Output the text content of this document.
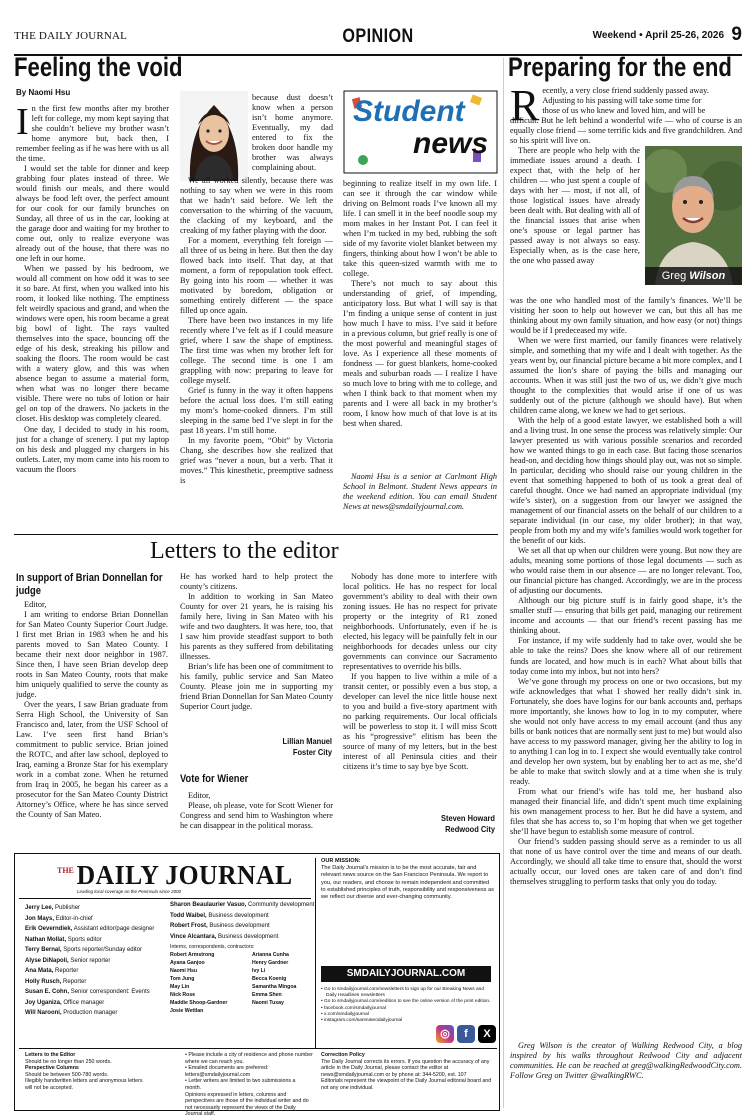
THE DAILY JOURNAL	OPINION	Weekend • April 25-26, 2026 9
Feeling the void
By Naomi Hsu
I n the first few months after my brother left for college, my mom kept saying that she couldn’t believe my brother wasn’t home anymore but, back then, I remember feeling as if he was here with us all the time.

I would set the table for dinner and keep grabbing four plates instead of three. We would finish our meals, and there would always be food left over, the perfect amount for our cook for our family brunches on Sunday, all three of us in the car, looking at the garage door and waiting for my brother to come out, only to realize everyone was already out of the house, that there was no one left in our home.

When we passed by his bedroom, we would all comment on how odd it was to see it so bare. At first, when you walked into his room, it looked like nothing. The emptiness felt weirdly spacious and grand, and when the windows were open, his room became a great big bowl of light. The rays vaulted themselves into the space, bouncing off the edge of his desk, streaking his pillow and soaking the floors. The room would be cast with a watery glow, and this was when absence began to assume a material form, when what was no longer there became visible. There were no tubs of lotion or hair gel on top of the drawers. No jackets in the closet. His desktop was completely cleared.

One day, I decided to study in his room, just for a change of scenery. I put my laptop on his desk and plugged my chargers in his outlets. Later, my mom came into his room to vacuum the floors

because dust doesn’t know when a person isn’t home anymore. Eventually, my dad entered to fix the broken door handle my brother was always complaining about.

We all worked silently, because there was nothing to say when we were in this room that we hadn’t said before. We left the conversation to the whirring of the vacuum, the clacking of my keyboard, and the creaking of my father playing with the door.

For a moment, everything felt foreign — all three of us being in here. But then the day flowed back into itself. That day, at that moment, a form of repopulation took effect. By going into his room — whether it was motivated by boredom, obligation or something entirely different — the space filled up once again.

There have been two instances in my life recently where I’ve felt as if I could measure grief, where I saw the shape of emptiness. The first time was when my brother left for college. The second time is one I am grappling with now: preparing to leave for college myself.

Grief is funny in the way it often happens before the actual loss does. I’m still eating my mom’s home-cooked dinners. I’m still sleeping in the same bed I’ve slept in for the past 18 years. I’m still home.

In my favorite poem, “Obit” by Victoria Chang, she describes how she realized that grief was “never a noun, but a verb. That it moves.” This kinesthetic, preemptive sadness is

Student
news

beginning to realize itself in my own life. I can see it through the car window while driving on Belmont roads I’ve known all my life. I can smell it in the beef noodle soup my mom makes in her Instant Pot. I can feel it when I’m tucked in my bed, rubbing the soft side of my favorite violet blanket between my fingers, thinking about how I won’t be able to take this queen-sized warmth with me to college.

There’s not much to say about this understanding of grief, of impending, anticipatory loss. But what I will say is that I’m finding a unique sense of content in just how much I have to miss. I’ve said it before in a previous column, but grief really is one of the most powerful and meaningful stages of love. As I experience all these moments of fondness — for guest blankets, home-cooked meals and suburban roads — I realize I have so much love to bring with me to college, and when I think back to that moment when my parents and I were all back in my brother’s room, I know how much of that love is at its best when shared.

Naomi Hsu is a senior at Carlmont High School in Belmont. Student News appears in the weekend edition. You can email Student News at news@smdailyjournal.com.

Letters to the editor
In support of Brian Donnellan for judge

Editor,

I am writing to endorse Brian Donnellan for San Mateo County Superior Court Judge. I first met Brian in 1983 when he and his parents moved to San Mateo County. I became their next door neighbor in 1987. Since then, I have seen Brian develop deep roots in San Mateo County, roots that make him uniquely qualified to serve the county as judge.

Over the years, I saw Brian graduate from Serra High School, the University of San Francisco and, later, from the USF School of Law. I’ve seen first hand Brian’s commitment to public service. Brian joined the ROTC, and after law school, deployed to Iraq, earning a Bronze Star for his exemplary work in a combat zone. When he returned from Iraq in 2005, he began his career as a prosecutor for the San Mateo County District Attorney’s Office, where he has since served the County of San Mateo.

He has worked hard to help protect the county’s citizens.

In addition to working in San Mateo County for over 21 years, he is raising his family here, living in San Mateo with his wife and two daughters. It was here, too, that I saw him provide steadfast support to both his parents as they suffered from debilitating illnesses.

Brian’s life has been one of commitment to his family, public service and San Mateo County. Please join me in supporting my friend Brian Donnellan for San Mateo County Superior Court judge.

Lillian Manuel
Foster City
Vote for Wiener

Editor,

Please, oh please, vote for Scott Wiener for Congress and send him to Washington where he can disappear in the political morass.

Nobody has done more to interfere with local politics. He has no respect for local government’s ability to deal with their own zoning issues. He has no respect for private property or the integrity of R1 zoned neighborhoods. Unfortunately, even if he is elected, his legacy will be painfully felt in our neighborhoods for decades unless our city governments can convince our Sacramento representatives to override his bills.

If you happen to live within a mile of a transit center, or possibly even a bus stop, a developer can level the nice little house next to you and build a five-story apartment with no parking requirements. Our local officials will be powerless to stop it. I will miss Scott as his “progressive” elitism has been the source of many of my letters, but in the best interest of all Peninsula cities and their citizens it’s time to say bye bye Scott.

Steven Howard
Redwood City
THE DAILY JOURNAL
Leading local coverage on the Peninsula since 2000
Jerry Lee, Publisher
Jon Mays, Editor-in-chief
Erik Oeverndiek, Assistant editor/page designer
Nathan Mollat, Sports editor
Terry Bernal, Sports reporter/Sunday editor
Alyse DiNapoli, Senior reporter
Ana Mata, Reporter
Holly Rusch, Reporter
Susan E. Cohn, Senior correspondent: Events
Joy Uganiza, Office manager
Will Narooni, Production manager
Sharon Beaulaurier Vasuo, Community development
Todd Waibel, Business development
Robert Frost, Business development
Vince Alcantara, Business development
Interns, correspondents, contractors:
Robert Armstrong
Ayana Ganjoo
Naomi Hsu
Tom Jung
May Lin
Nick Rose
Maddie Shoop-Gardner
Josie Wettlan
Arianna Cunha
Henry Gardner
Ivy Li
Becca Koenig
Samantha Mingoa
Emma Shen
Naomi Tuxay
OUR MISSION:
The Daily Journal’s mission is to be the most accurate, fair and relevant news source on the San Francisco Peninsula. We report to you, our readers, and choose to remain independent and committed to established principles of truth, responsibility and responsiveness as we reflect our diverse and ever-changing community.
SMDAILYJOURNAL.COM
• Go to smdailyjournal.com/newsletters to sign up for our Breaking News and Daily Headlines newsletters
• Go to smdailyjournal.com/eedition to see the online version of the print edition.
• facebook.com/smdailyjournal
• x.com/smdailyjournal
• instagram.com/sanmateodailyjournal
◎ f X
Letters to the Editor
Should be no longer than 250 words.
Perspective Columns
Should be between 500-780 words.
Illegibly handwritten letters and anonymous letters will not be accepted.
• Please include a city of residence and phone number where we can reach you.
• Emailed documents are preferred: letters@smdailyjournal.com
• Letter writers are limited to two submissions a month.
Opinions expressed in letters, columns and perspectives are those of the individual writer and do not necessarily represent the views of the Daily Journal staff.
Correction Policy
The Daily Journal corrects its errors. If you question the accuracy of any article in the Daily Journal, please contact the editor at news@smdailyjournal.com or by phone at: 344-5200, ext. 107
Editorials represent the viewpoint of the Daily Journal editorial board and not any one individual.
Preparing for the end
R ecently, a very close friend suddenly passed away.
Adjusting to his passing will take some time for
those of us who knew and loved him, and will be

difficult. But he left behind a wonderful wife — who of course is an equally close friend — some terrific kids and five grandchildren. And so his spirit will live on.

Greg Wilson

There are people who help with the immediate issues around a death. I expect that, with the help of her children — who just spent a couple of days with her — most, if not all, of those logistical issues have already been dealt with. But dealing with all of the financial issues that arise when one’s spouse or legal partner has passed away is not always so easy. Especially when, as is the case here, the one who passed away

was the one who handled most of the family’s finances. We’ll be visiting her soon to help out however we can, but this all has me thinking about my own family situation, and how easy (or not) things would be if I predeceased my wife.

When we were first married, our family finances were relatively simple, and something that my wife and I dealt with together. As the years went by, our financial picture became a bit more complex, and I assumed the lion’s share of paying the bills and managing our accounts. When it was still just the two of us, we didn’t give much thought to the complexities that would arise if one of us was suddenly out of the picture (although we should have). But when children came along, we knew we had to get serious.

With the help of a good estate lawyer, we established both a will and a living trust. In one sense the process was relatively simple: Our lawyer presented us with various possible scenarios and recorded how we wanted things to go in each case. But facing those scenarios head-on, and deciding how things should play out, was not so simple. In particular, deciding who should raise our young children in the event that something happened to both of us took a great deal of careful thought. Once we had named an appropriate individual (my wife’s sister), on a suggestion from our lawyer we assigned the management of our financial assets on the behalf of our children to a separate individual (in our case, my older brother); in that way, people from both my and my wife’s families would work together for the benefit of our kids.

We set all that up when our children were young. But now they are adults, meaning some portions of those legal documents — such as who would raise them in our absence — are no longer relevant. Too, our financial picture has changed. Accordingly, we are in the process of adjusting our documents.

Although our big picture stuff is in fairly good shape, it’s the smaller stuff — ensuring that bills get paid, managing our retirement income and accounts — that our friend’s recent passing has me thinking about.

For instance, if my wife suddenly had to take over, would she be able to take the reins? Does she know where all of our retirement funds are located, and how much is in each? What about bills that today come into my inbox, but not into hers?

We’ve gone through my process on one or two occasions, but my wife acknowledges that what I showed her really didn’t sink in. Fortunately, she does have logins for our bank accounts and, perhaps more importantly, she knows how to log in to my computer, where she would not only have access to my email account (and thus any bills or bank notices that are normally sent just to me) but would also have access to my password manager, giving her the ability to log in to anything I can log in to. I expect she would eventually take control and develop her own system, but by enabling her to act as me, she’d be able to make that switch slowly and at a time when she is truly ready.

From what our friend’s wife has told me, her husband also managed their financial life, and didn’t spent much time explaining his own management process to her. But he did have a system, and files that she has access to, so I’m hoping that when we get together she’ll have begun to establish some measure of control.

Our friend’s sudden passing should serve as a reminder to us all that none of us have control over the time and means of our death. Accordingly, we should all take time to ensure that, should the worst actually occur, our loved ones are taken care of and don’t find themselves struggling to perform tasks that only you do today.

Greg Wilson is the creator of Walking Redwood City, a blog inspired by his walks throughout Redwood City and adjacent communities. He can be reached at greg@walkingRedwoodCity.com. Follow Greg on Twitter @walkingRWC.
